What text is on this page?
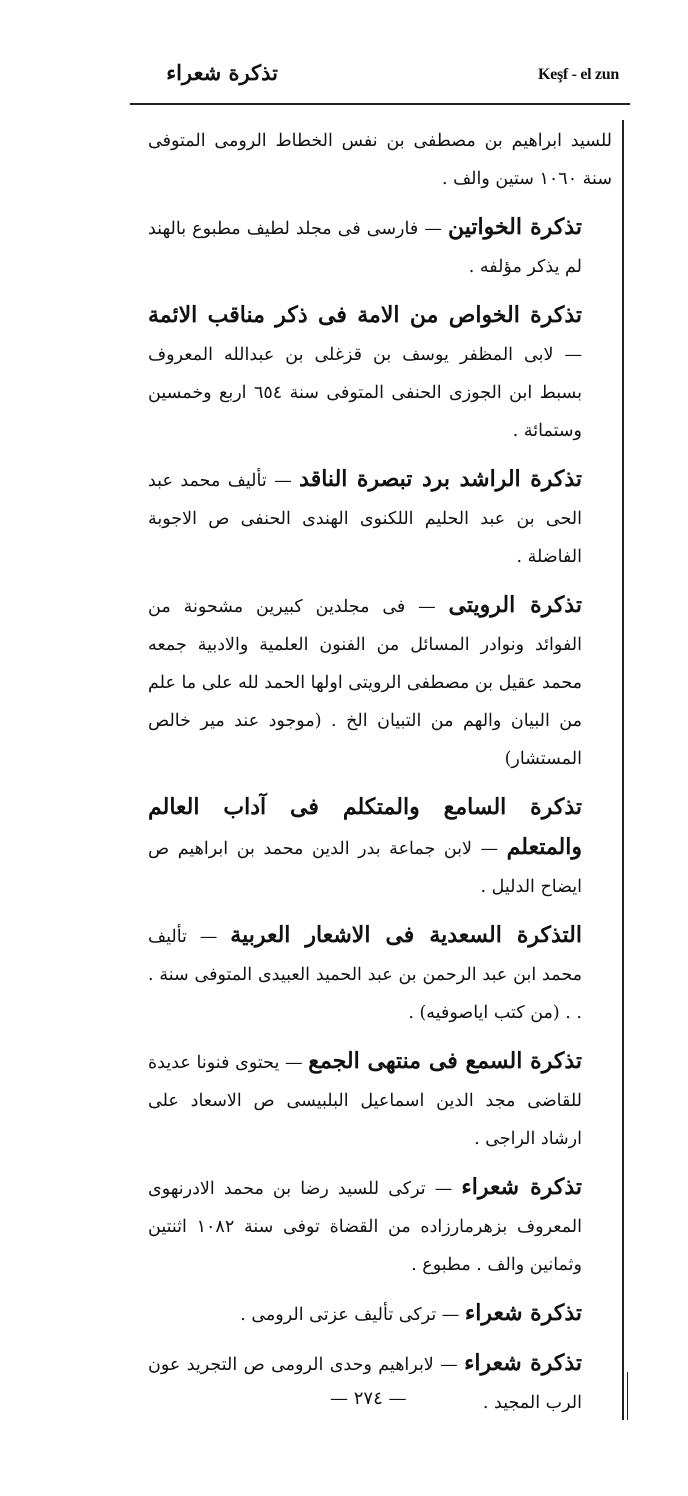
تذكرة شعراء	Keşf - el zun

للسيد ابراهيم بن مصطفى بن نفس الخطاط الرومى المتوفى سنة ١٠٦٠ ستين والف .

تذكرة الخواتين — فارسى فى مجلد لطيف مطبوع بالهند لم يذكر مؤلفه .

تذكرة الخواص من الامة فى ذكر مناقب الائمة — لابى المظفر يوسف بن قزغلى بن عبدالله المعروف بسبط ابن الجوزى الحنفى المتوفى سنة ٦٥٤ اربع وخمسين وستمائة .

تذكرة الراشد برد تبصرة الناقد — تأليف محمد عبد الحى بن عبد الحليم اللكنوى الهندى الحنفى ص الاجوبة الفاضلة .

تذكرة الرويتى — فى مجلدين كبيرين مشحونة من الفوائد ونوادر المسائل من الفنون العلمية والادبية جمعه محمد عقيل بن مصطفى الرويتى اولها الحمد لله على ما علم من البيان والهم من التبيان الخ . (موجود عند مير خالص المستشار)

تذكرة السامع والمتكلم فى آداب العالم والمتعلم — لابن جماعة بدر الدين محمد بن ابراهيم ص ايضاح الدليل .

التذكرة السعدية فى الاشعار العربية — تأليف محمد ابن عبد الرحمن بن عبد الحميد العبيدى المتوفى سنة . . . (من كتب اياصوفيه) .

تذكرة السمع فى منتهى الجمع — يحتوى فنونا عديدة للقاضى مجد الدين اسماعيل البلبيسى ص الاسعاد على ارشاد الراجى .

تذكرة شعراء — تركى للسيد رضا بن محمد الادرنهوى المعروف بزهرمارزاده من القضاة توفى سنة ١٠٨٢ اثنتين وثمانين والف . مطبوع .

تذكرة شعراء — تركى تأليف عزتى الرومى .

تذكرة شعراء — لابراهيم وحدى الرومى ص التجريد عون الرب المجيد .

— ٢٧٤ —
